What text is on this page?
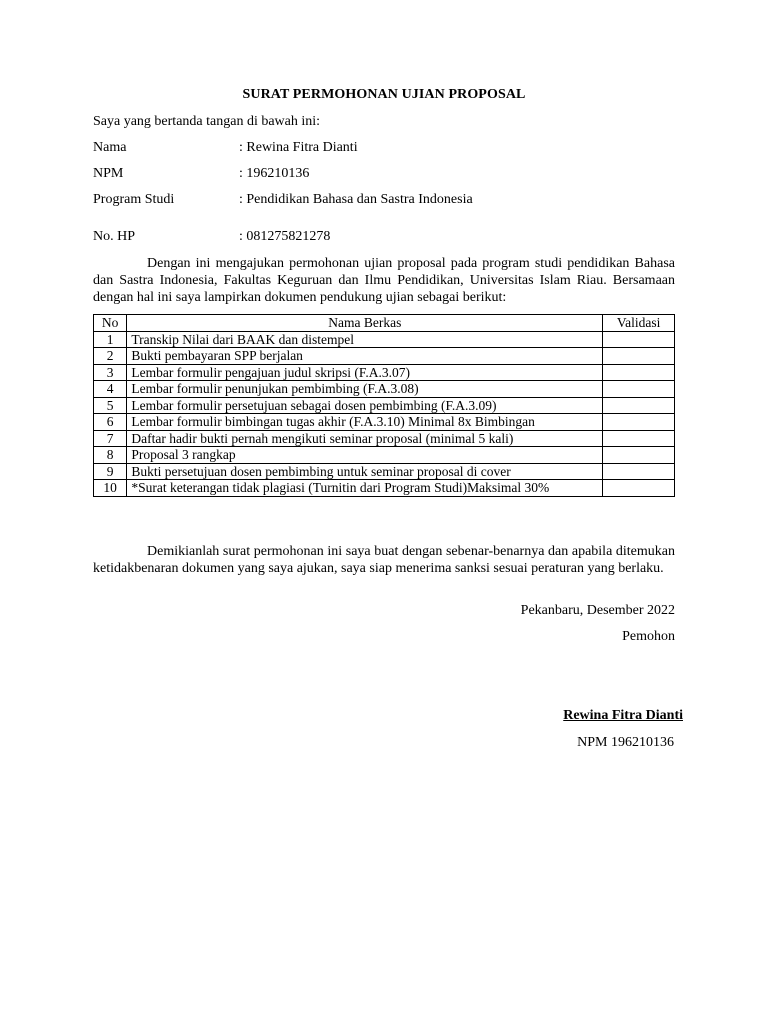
SURAT PERMOHONAN UJIAN PROPOSAL
Saya yang bertanda tangan di bawah ini:
Nama	: Rewina Fitra Dianti
NPM	: 196210136
Program Studi	: Pendidikan Bahasa dan Sastra Indonesia
No. HP	: 081275821278
Dengan ini mengajukan permohonan ujian proposal pada program studi pendidikan Bahasa dan Sastra Indonesia, Fakultas Keguruan dan Ilmu Pendidikan, Universitas Islam Riau. Bersamaan dengan hal ini saya lampirkan dokumen pendukung ujian sebagai berikut:
No	Nama Berkas	Validasi
1	Transkip Nilai dari BAAK dan distempel	
2	Bukti pembayaran SPP berjalan	
3	Lembar formulir pengajuan judul skripsi (F.A.3.07)	
4	Lembar formulir penunjukan pembimbing (F.A.3.08)	
5	Lembar formulir persetujuan sebagai dosen pembimbing (F.A.3.09)	
6	Lembar formulir bimbingan tugas akhir (F.A.3.10) Minimal 8x Bimbingan	
7	Daftar hadir bukti pernah mengikuti seminar proposal (minimal 5 kali)	
8	Proposal 3 rangkap	
9	Bukti persetujuan dosen pembimbing untuk seminar proposal di cover	
10	*Surat keterangan tidak plagiasi (Turnitin dari Program Studi)Maksimal 30%	
Demikianlah surat permohonan ini saya buat dengan sebenar-benarnya dan apabila ditemukan ketidakbenaran dokumen yang saya ajukan, saya siap menerima sanksi sesuai peraturan yang berlaku.
Pekanbaru, Desember 2022
Pemohon
Rewina Fitra Dianti
NPM 196210136
